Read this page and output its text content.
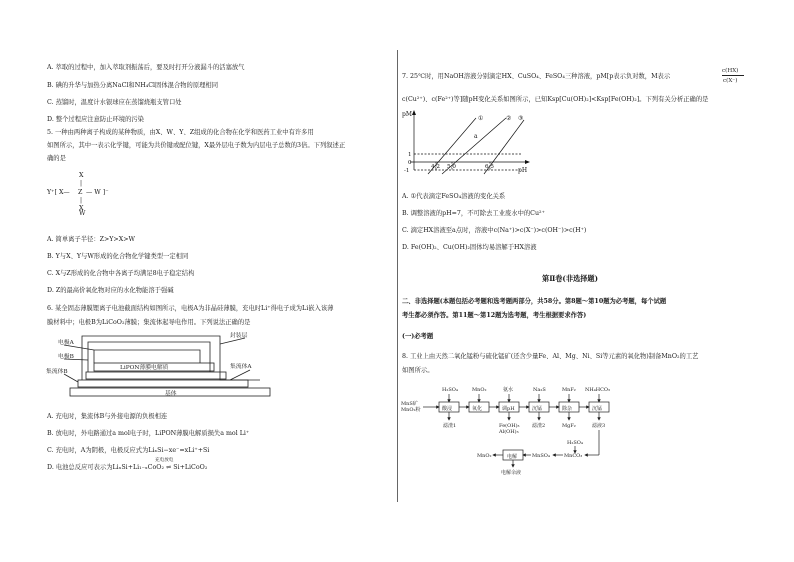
A. 萃取的过程中，加入萃取剂振荡后，要及时打开分液漏斗的活塞放气
B. 碘的升华与加热分离NaCl和NH₄Cl固体混合物的原理相同
C. 蒸馏时，温度计水银球应在蒸馏烧瓶支管口处
D. 整个过程应注意防止环境的污染
5. 一种由两种离子构成的某种物质，由X、W、Y、Z组成的化合物在化学和医药工业中有许多用
如图所示，其中一表示化学键，可能为共价键或配位键，X最外层电子数为内层电子总数的3倍。下列叙述正
确的是
X
|
Y⁺[ X— Z — W ]⁻
|
X
W
A. 简单离子半径：Z>Y>X>W
B. Y与X、Y与W形成的化合物化学键类型一定相同
C. X与Z形成的化合物中各离子均满足8电子稳定结构
D. Z的最高价氧化物对应的水化物能溶于强碱
6. 某全固态薄膜锂离子电池截面结构如图所示，电极A为非晶硅薄膜，充电时Li⁺得电子成为Li嵌入该薄
膜材料中；电极B为LiCoO₂薄膜；集流体起导电作用。下列说法正确的是
电极A
电极B
集流体B
封装层
LiPON薄膜电解质	集流体A
基体
A. 充电时，集流体B与外接电源的负极相连
B. 放电时，外电路通过a mol电子时，LiPON薄膜电解质损失a mol Li⁺
C. 充电时，A为阴极，电极反应式为LiₓSi−xe⁻=xLi⁺+Si
充电放电
D. 电池总反应可表示为LiₓSi+Li₁₋ₓCoO₂ ⇌ Si+LiCoO₂
7. 25℃时，用NaOH溶液分别滴定HX、CuSO₄、FeSO₄三种溶液，pM[p表示负对数，M表示
c(HX)
c(X⁻)
c(Cu²⁺)、c(Fe²⁺)等]随pH变化关系如图所示，已知Ksp[Cu(OH)₂]<Ksp[Fe(OH)₂]。下列有关分析正确的是
pM
pH
①	② ③
a
4.2 5.0	6.5
1
0
-1
A. ①代表滴定FeSO₄溶液的变化关系
B. 调整溶液的pH=7，不可除去工业废水中的Cu²⁺
C. 滴定HX溶液至a点时，溶液中c(Na⁺)>c(X⁻)>c(OH⁻)>c(H⁺)
D. Fe(OH)₂、Cu(OH)₂固体均易溶解于HX溶液
第Ⅱ卷(非选择题)
二、非选择题(本题包括必考题和选考题两部分，共58分。第8题～第10题为必考题，每个试题
考生都必须作答。第11题～第12题为选考题，考生根据要求作答)
(一)必考题
8. 工业上由天然二氧化锰粉与硫化锰矿(还含少量Fe、Al、Mg、Ni、Si等元素的氧化物)制备MnO₂的工艺
如图所示。
MnS矿
MnO₂粉
H₂SO₄	MnO₂	氨水	Na₂S	MnF₂ NH₄HCO₃
酸浸	氧化	调pH	沉锰	除杂	沉锰
滤渣1	Fe(OH)₃
Al(OH)₃
滤渣2	MgF₂	滤液3
H₂SO₄
MnCO₃
MnSO₄
电解
MnO₂
电解余液
